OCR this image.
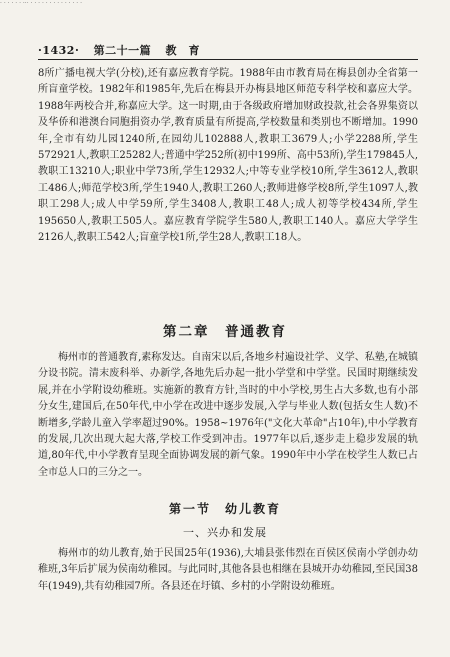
· · · · · · ··· · · · · · · · · · · · · · ·
·1432· 第二十一篇 教　育

8所广播电视大学(分校),还有嘉应教育学院。1988年由市教育局在梅县创办全省第一所盲童学校。1982年和1985年,先后在梅县开办梅县地区师范专科学校和嘉应大学。1988年两校合并,称嘉应大学。这一时期,由于各级政府增加财政投款,社会各界集资以及华侨和港澳台同胞捐资办学,教育质量有所提高,学校数量和类别也不断增加。1990年,全市有幼儿园1240所,在园幼儿102888人,教职工3679人;小学2288所,学生572921人,教职工25282人;普通中学252所(初中199所、高中53所),学生179845人,教职工13210人;职业中学73所,学生12932人;中等专业学校10所,学生3612人,教职工486人;师范学校3所,学生1940人,教职工260人;教师进修学校8所,学生1097人,教职工298人;成人中学59所,学生3408人,教职工48人;成人初等学校434所,学生195650人,教职工505人。嘉应教育学院学生580人,教职工140人。嘉应大学学生2126人,教职工542人;盲童学校1所,学生28人,教职工18人。

第二章　普通教育

梅州市的普通教育,素称发达。自南宋以后,各地乡村遍设社学、义学、私塾,在城镇分设书院。清末废科举、办新学,各地先后办起一批小学堂和中学堂。民国时期继续发展,并在小学附设幼稚班。实施新的教育方针,当时的中小学校,男生占大多数,也有小部分女生,建国后,在50年代,中小学在改进中逐步发展,入学与毕业人数(包括女生人数)不断增多,学龄儿童入学率超过90%。1958~1976年("文化大革命"占10年),中小学教育的发展,几次出现大起大落,学校工作受到冲击。1977年以后,逐步走上稳步发展的轨道,80年代,中小学教育呈现全面协调发展的新气象。1990年中小学在校学生人数已占全市总人口的三分之一。

第一节　幼儿教育
一、兴办和发展

梅州市的幼儿教育,始于民国25年(1936),大埔县张伟烈在百侯区侯南小学创办幼稚班,3年后扩展为侯南幼稚园。与此同时,其他各县也相继在县城开办幼稚园,至民国38年(1949),共有幼稚园7所。各县还在圩镇、乡村的小学附设幼稚班。
